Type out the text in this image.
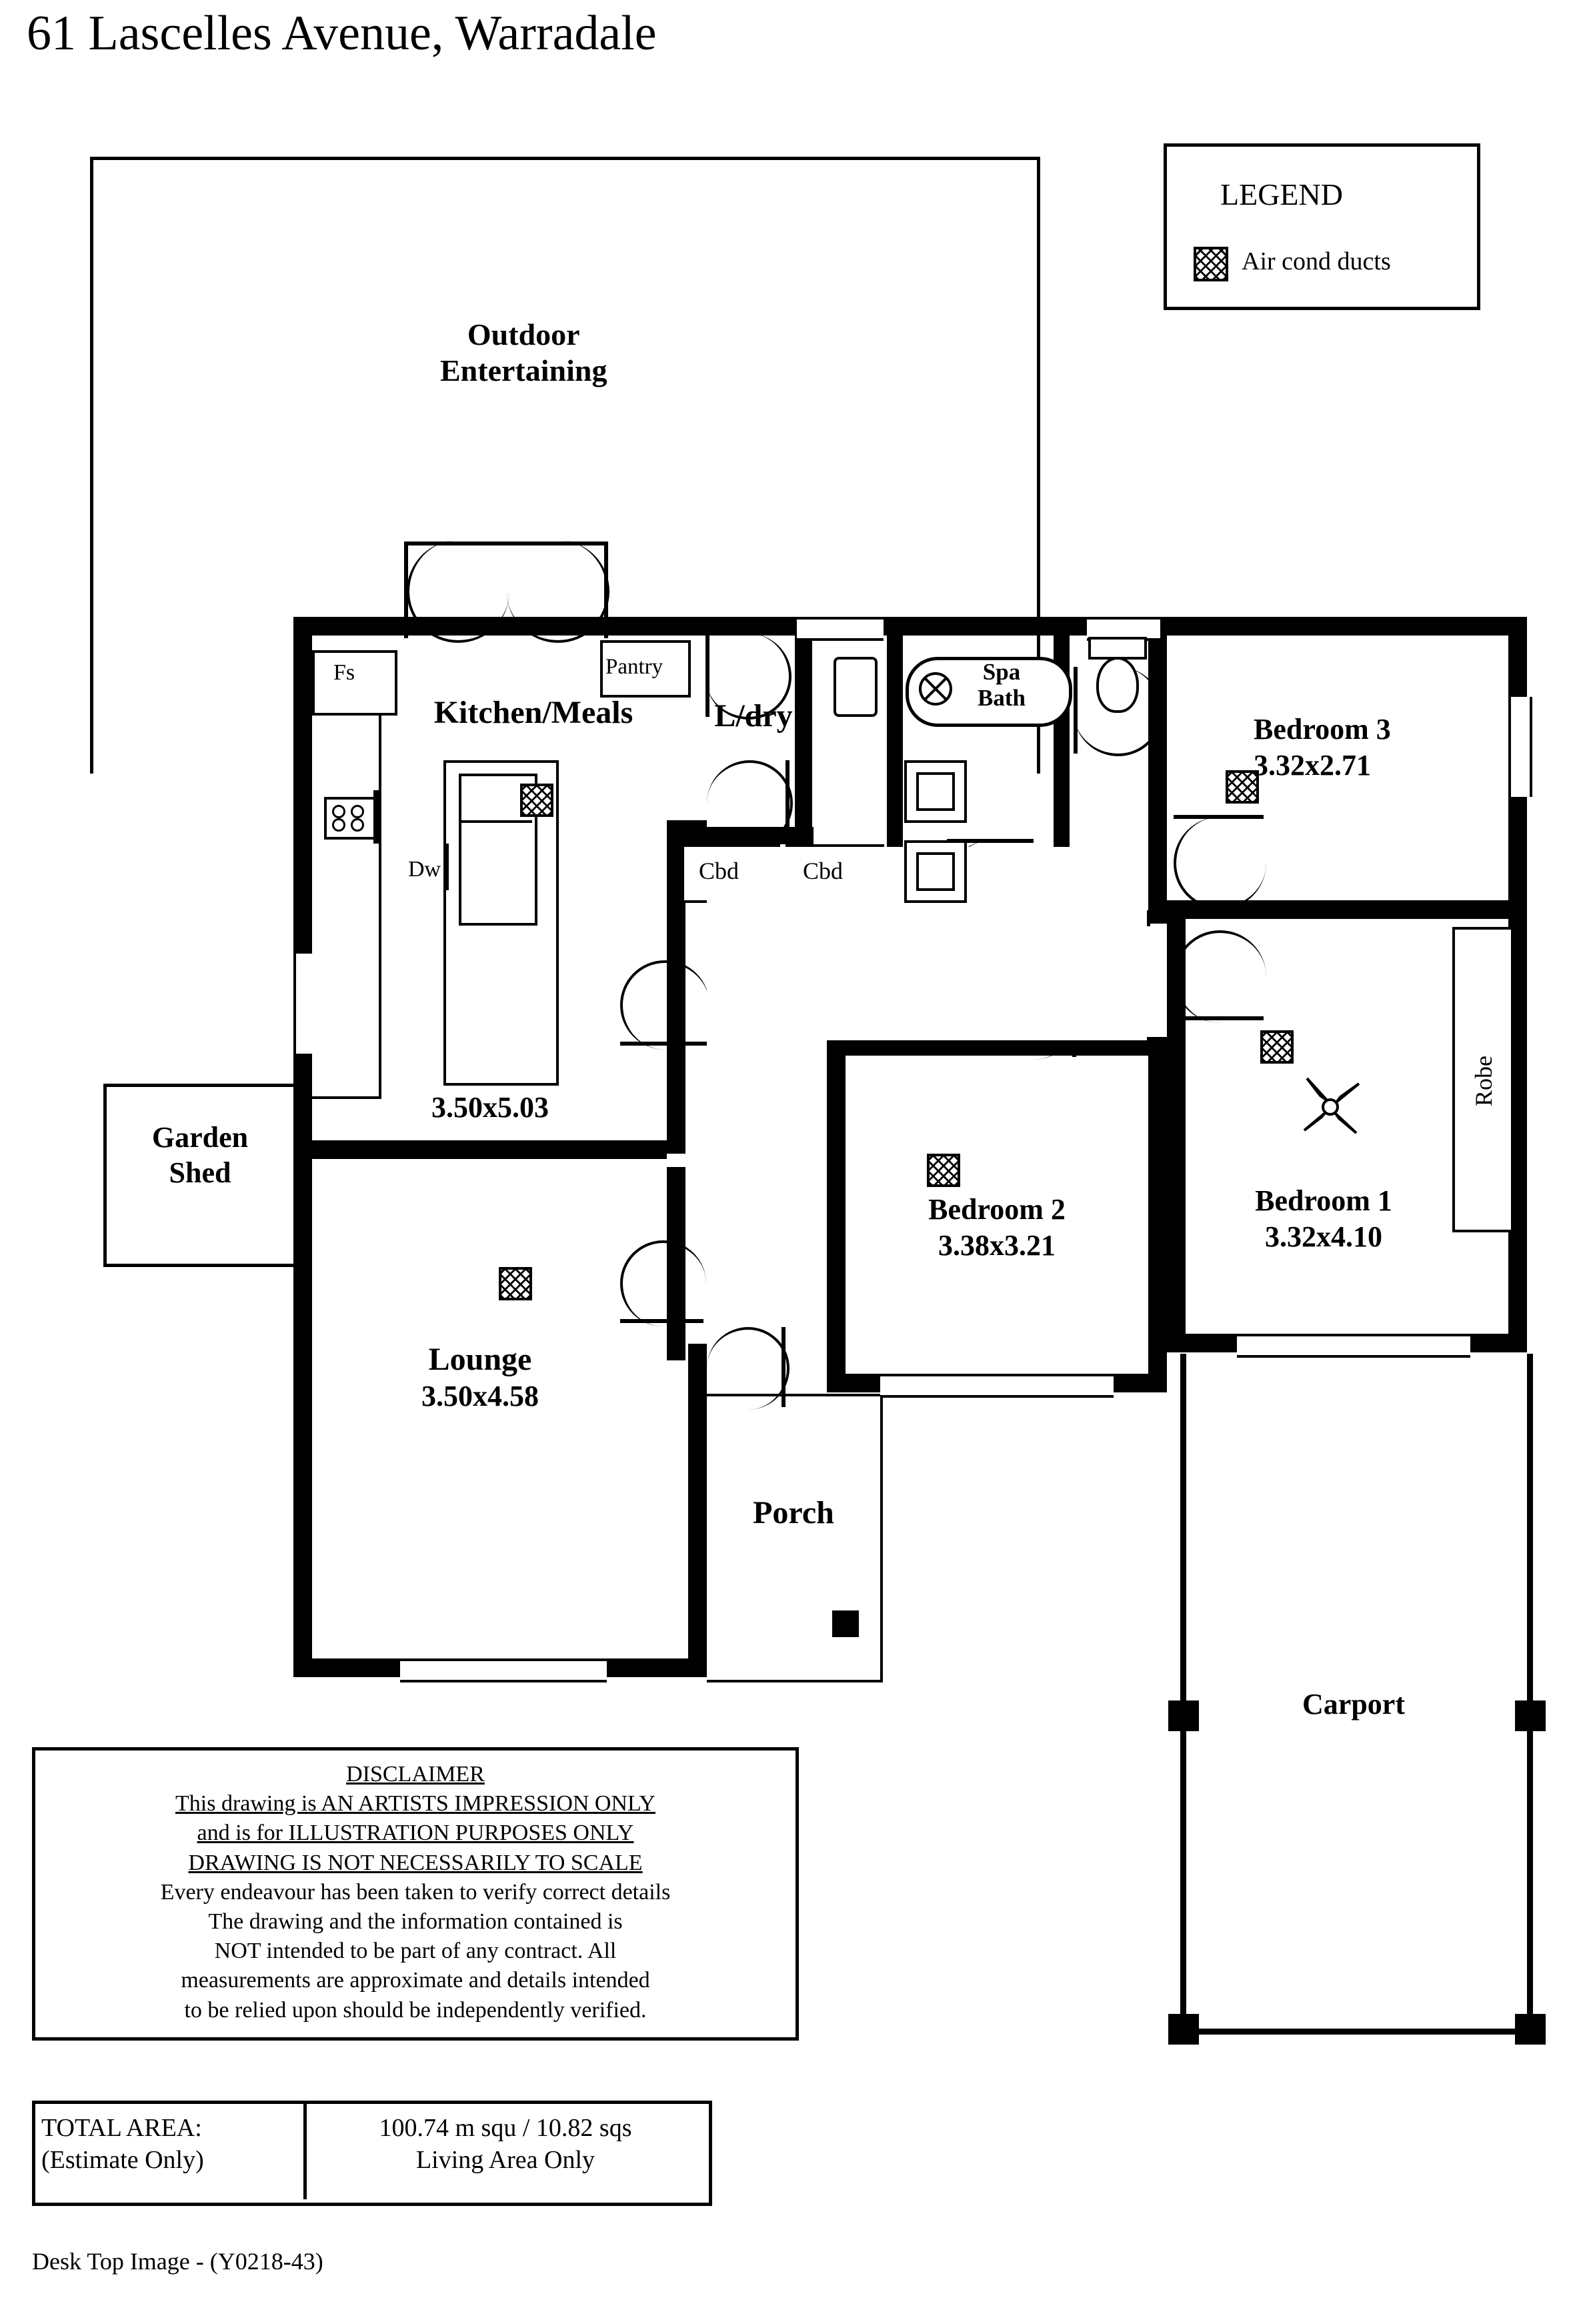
61 Lascelles Avenue, Warradale
LEGEND
Air cond ducts
Outdoor
Entertaining
Garden
Shed
Fs
Dw
Pantry	Spa
Bath
Cbd	Cbd
Robe
Kitchen/Meals
3.50x5.03
L/dry	Bedroom 3
3.32x2.71
Bedroom 2
3.38x3.21
Bedroom 1
3.32x4.10
Lounge
3.50x4.58
Porch
Carport
DISCLAIMER
This drawing is AN ARTISTS IMPRESSION ONLY
and is for ILLUSTRATION PURPOSES ONLY
DRAWING IS NOT NECESSARILY TO SCALE
Every endeavour has been taken to verify correct details
The drawing and the information contained is
NOT intended to be part of any contract. All
measurements are approximate and details intended
to be relied upon should be independently verified.
TOTAL AREA:
(Estimate Only)
100.74 m squ / 10.82 sqs
Living Area Only
Desk Top Image - (Y0218-43)
